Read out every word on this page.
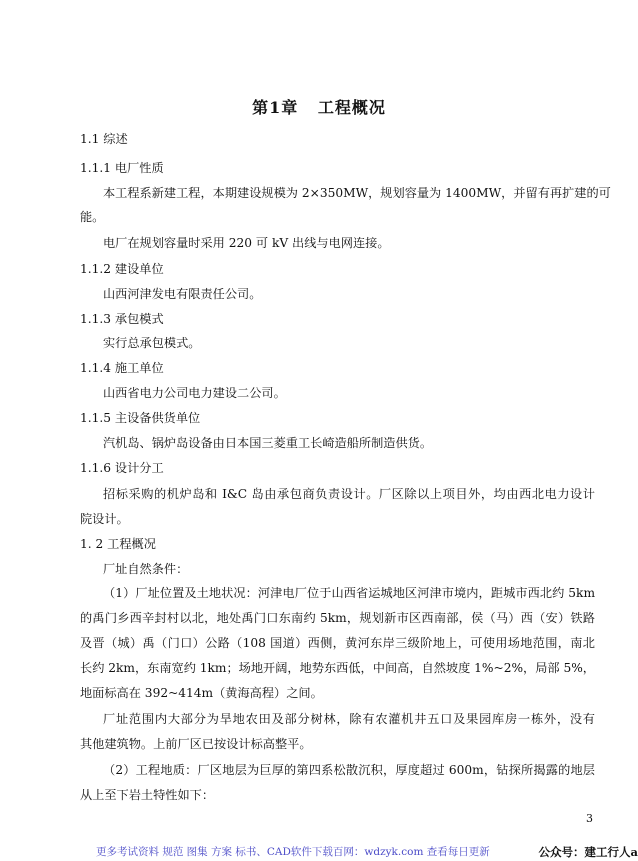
第1章   工程概况
1.1 综述
1.1.1 电厂性质
本工程系新建工程，本期建设规模为 2×350MW，规划容量为 1400MW，并留有再扩建的可
能。
电厂在规划容量时采用 220 可 kV 出线与电网连接。
1.1.2 建设单位
山西河津发电有限责任公司。
1.1.3 承包模式
实行总承包模式。
1.1.4 施工单位
山西省电力公司电力建设二公司。
1.1.5 主设备供货单位
汽机岛、锅炉岛设备由日本国三菱重工长崎造船所制造供货。
1.1.6 设计分工
招标采购的机炉岛和 I&C 岛由承包商负责设计。厂区除以上项目外，均由西北电力设计
院设计。
1. 2 工程概况
厂址自然条件：
（1）厂址位置及土地状况：河津电厂位于山西省运城地区河津市境内，距城市西北约 5km
的禹门乡西辛封村以北，地处禹门口东南约 5km，规划新市区西南部，侯（马）西（安）铁路
及晋（城）禹（门口）公路（108 国道）西侧，黄河东岸三级阶地上，可使用场地范围，南北
长约 2km，东南宽约 1km；场地开阔，地势东西低，中间高，自然坡度 1%~2%，局部 5%，
地面标高在 392~414m（黄海高程）之间。
厂址范围内大部分为旱地农田及部分树林，除有农灌机井五口及果园库房一栋外，没有
其他建筑物。上前厂区已按设计标高整平。
（2）工程地质：厂区地层为巨厚的第四系松散沉积，厚度超过 600m，钻探所揭露的地层
从上至下岩土特性如下：
3
更多考试资料 规范 图集 方案 标书、CAD软件下载百网：wdzyk.com 查看每日更新	公众号：建工行人a
